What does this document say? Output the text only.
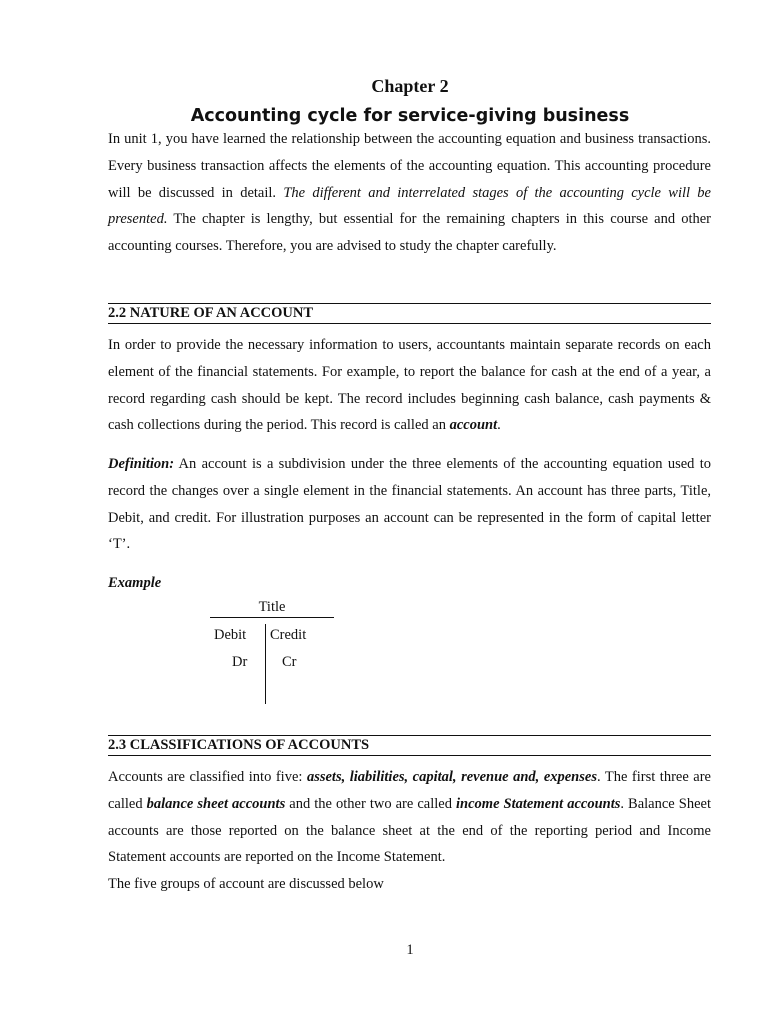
Chapter 2
Accounting cycle for service-giving business

In unit 1, you have learned the relationship between the accounting equation and business transactions. Every business transaction affects the elements of the accounting equation. This accounting procedure will be discussed in detail. The different and interrelated stages of the accounting cycle will be presented. The chapter is lengthy, but essential for the remaining chapters in this course and other accounting courses. Therefore, you are advised to study the chapter carefully.

2.2 NATURE OF AN ACCOUNT

In order to provide the necessary information to users, accountants maintain separate records on each element of the financial statements. For example, to report the balance for cash at the end of a year, a record regarding cash should be kept. The record includes beginning cash balance, cash payments & cash collections during the period. This record is called an account.

Definition: An account is a subdivision under the three elements of the accounting equation used to record the changes over a single element in the financial statements. An account has three parts, Title, Debit, and credit. For illustration purposes an account can be represented in the form of capital letter ‘T’.

Example
Title
Debit Credit
Dr Cr
2.3 CLASSIFICATIONS OF ACCOUNTS

Accounts are classified into five: assets, liabilities, capital, revenue and, expenses. The first three are called balance sheet accounts and the other two are called income Statement accounts. Balance Sheet accounts are those reported on the balance sheet at the end of the reporting period and Income Statement accounts are reported on the Income Statement.

The five groups of account are discussed below
1
